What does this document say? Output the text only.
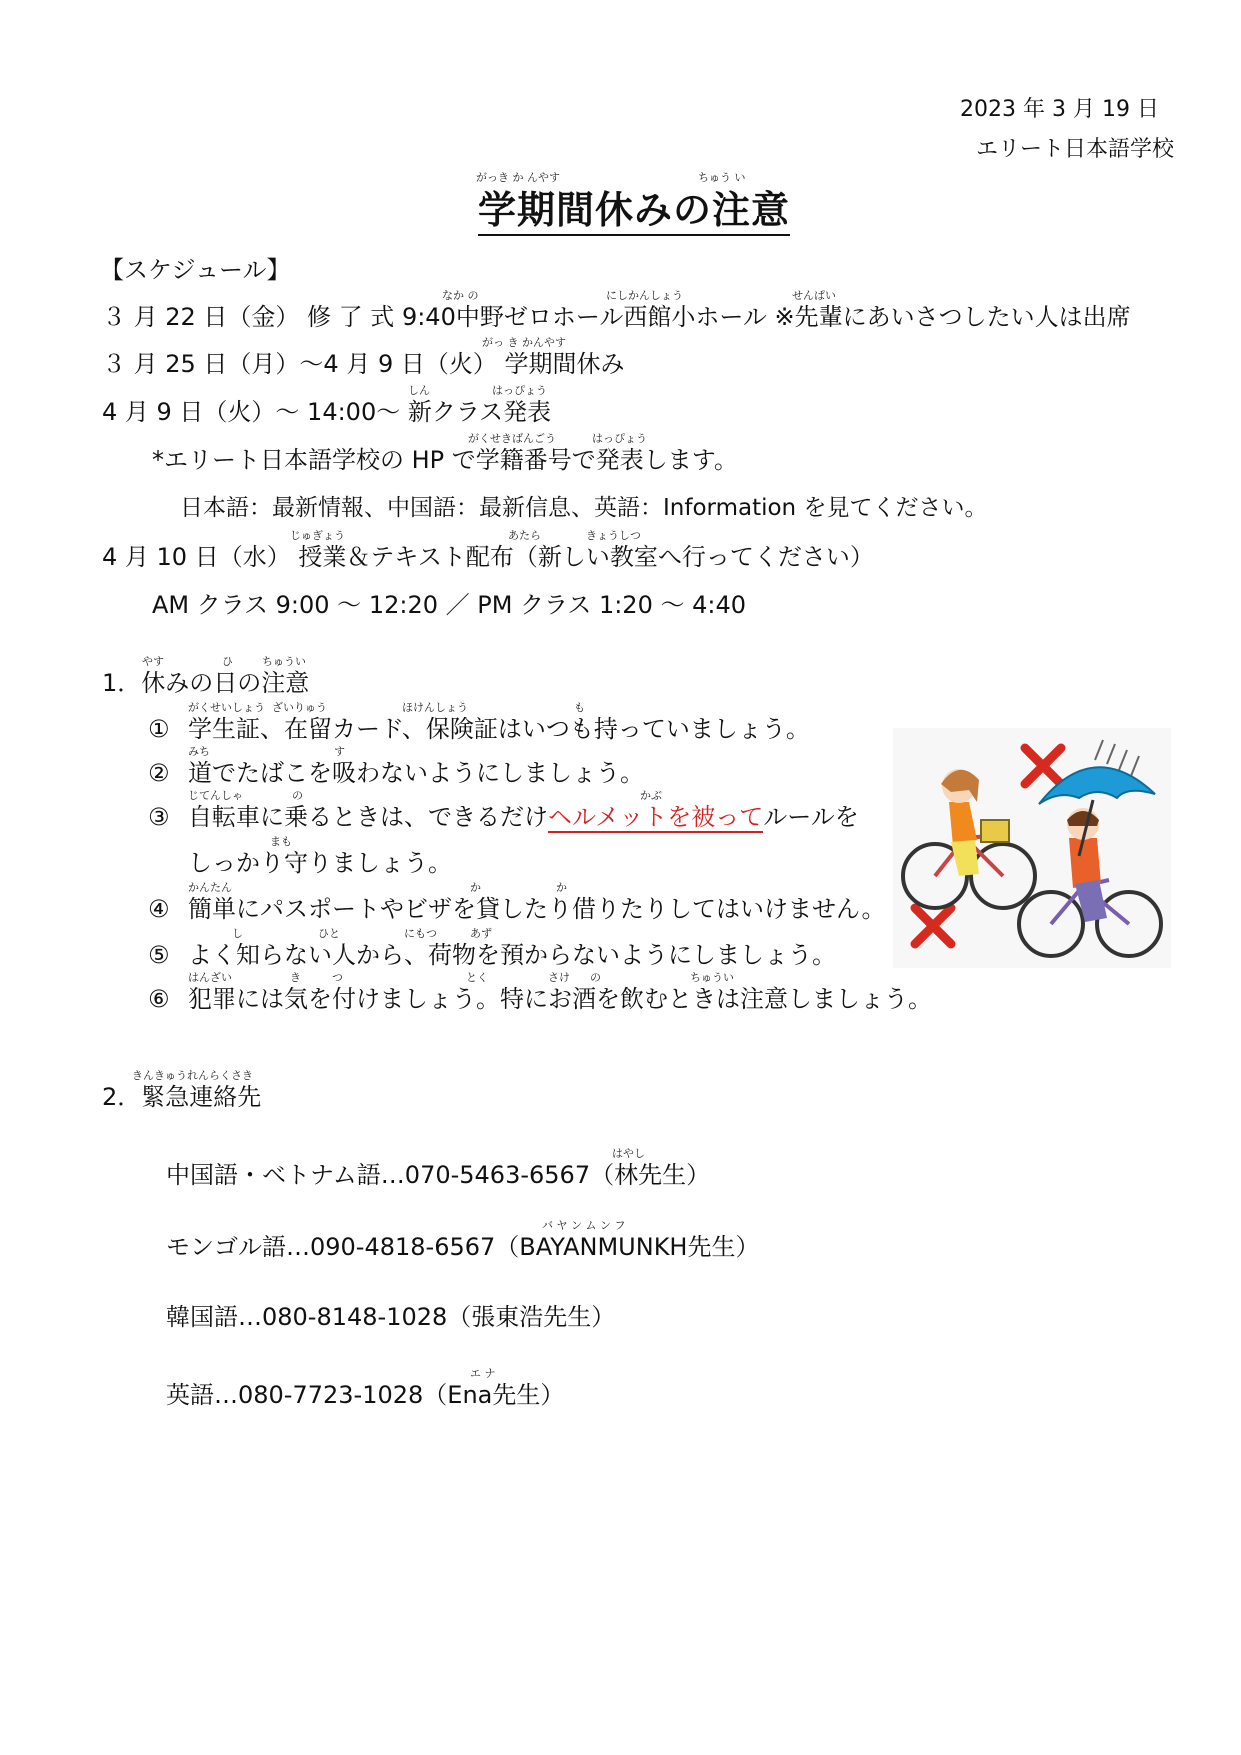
2023 年 3 月 19 日
エリート日本語学校
がっき か んやす	ちゅう い
学期間休みの注意
【スケジュール】
なか の	にしかんしょう	せんぱい
３ 月 22 日（金） 修 了 式 9:40中野ゼロホール西館小ホール ※先輩にあいさつしたい人は出席
がっ き かんやす
３ 月 25 日（月）～4 月 9 日（火） 学期間休み
しん	はっぴょう
4 月 9 日（火）～ 14:00～ 新クラス発表
がくせきばんごう	はっぴょう
*エリート日本語学校の HP で学籍番号で発表します。
日本語：最新情報、中国語：最新信息、英語：Information を見てください。
じゅぎょう	あたら	きょうしつ
4 月 10 日（水） 授業＆テキスト配布（新しい教室へ行ってください）
AM クラス 9:00 ～ 12:20 ／ PM クラス 1:20 ～ 4:40
やす	ひ	ちゅうい
1．休みの日の注意
がくせいしょう ざいりゅう	ほけんしょう	も
① 学生証、在留カード、保険証はいつも持っていましょう。
みち	す
② 道でたばこを吸わないようにしましょう。
じてんしゃ	の	かぶ
③ 自転車に乗るときは、できるだけヘルメットを被ってルールを
まも
しっかり守りましょう。
かんたん	か	か
④ 簡単にパスポートやビザを貸したり借りたりしてはいけません。
し	ひと	にもつ	あず
⑤ よく知らない人から、荷物を預からないようにしましょう。
はんざい	き	つ	とく	さけ の	ちゅうい
⑥ 犯罪には気を付けましょう。特にお酒を飲むときは注意しましょう。
きんきゅうれんらくさき
2．緊急連絡先
はやし
中国語・ベトナム語…070-5463-6567（林先生）
バ ヤ ン ム ン フ
モンゴル語…090-4818-6567（BAYANMUNKH先生）
韓国語…080-8148-1028（張東浩先生）
エ ナ
英語…080-7723-1028（Ena先生）
